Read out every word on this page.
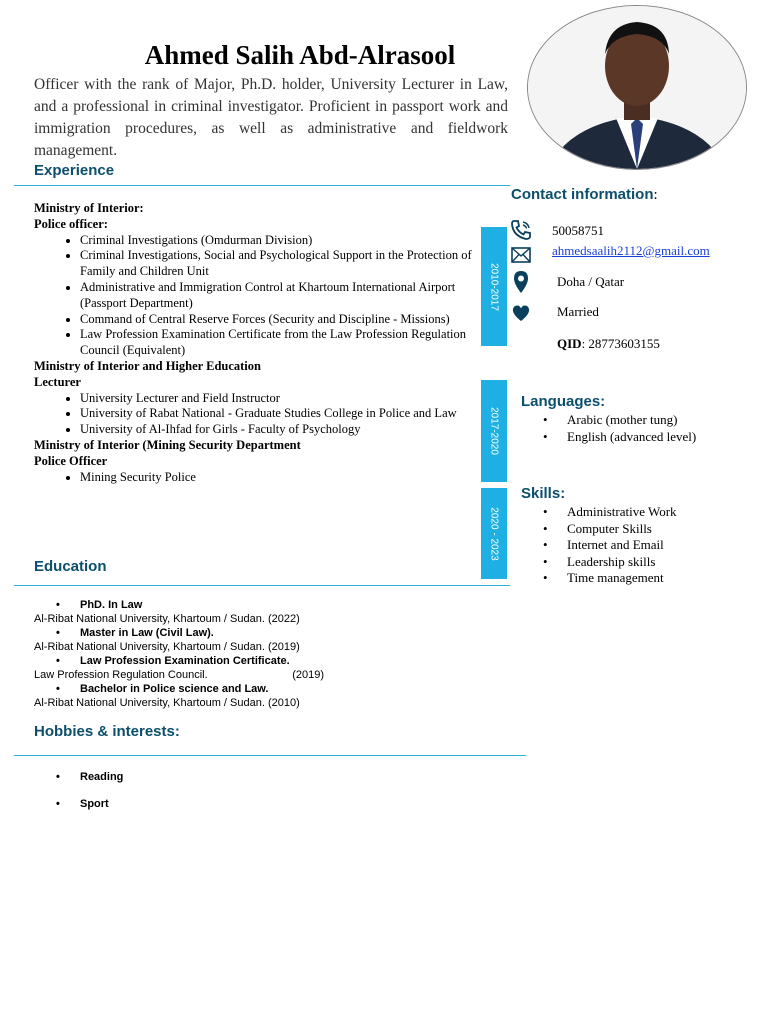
Ahmed Salih Abd-Alrasool
Officer with the rank of Major, Ph.D. holder, University Lecturer in Law, and a professional in criminal investigator. Proficient in passport work and immigration procedures, as well as administrative and fieldwork management.
Experience
Ministry of Interior:
Police officer:
• Criminal Investigations (Omdurman Division)
• Criminal Investigations, Social and Psychological Support in the Protection of Family and Children Unit
• Administrative and Immigration Control at Khartoum International Airport (Passport Department)
• Command of Central Reserve Forces (Security and Discipline - Missions)
• Law Profession Examination Certificate from the Law Profession Regulation Council (Equivalent)
Ministry of Interior and Higher Education
Lecturer
• University Lecturer and Field Instructor
• University of Rabat National - Graduate Studies College in Police and Law
• University of Al-Ihfad for Girls - Faculty of Psychology
Ministry of Interior (Mining Security Department
Police Officer
• Mining Security Police
2010-2017
2017-2020
2020 - 2023
Education
• PhD. In Law
Al-Ribat National University, Khartoum / Sudan. (2022)
• Master in Law (Civil Law).
Al-Ribat National University, Khartoum / Sudan. (2019)
• Law Profession Examination Certificate.
Law Profession Regulation Council.	(2019)
• Bachelor in Police science and Law.
Al-Ribat National University, Khartoum / Sudan. (2010)
Hobbies & interests:
• Reading
• Sport
Contact information:
50058751
ahmedsaalih2112@gmail.com
Doha / Qatar
Married
QID: 28773603155
Languages:
• Arabic (mother tung)
• English (advanced level)
Skills:
• Administrative Work
• Computer Skills
• Internet and Email
• Leadership skills
• Time management
